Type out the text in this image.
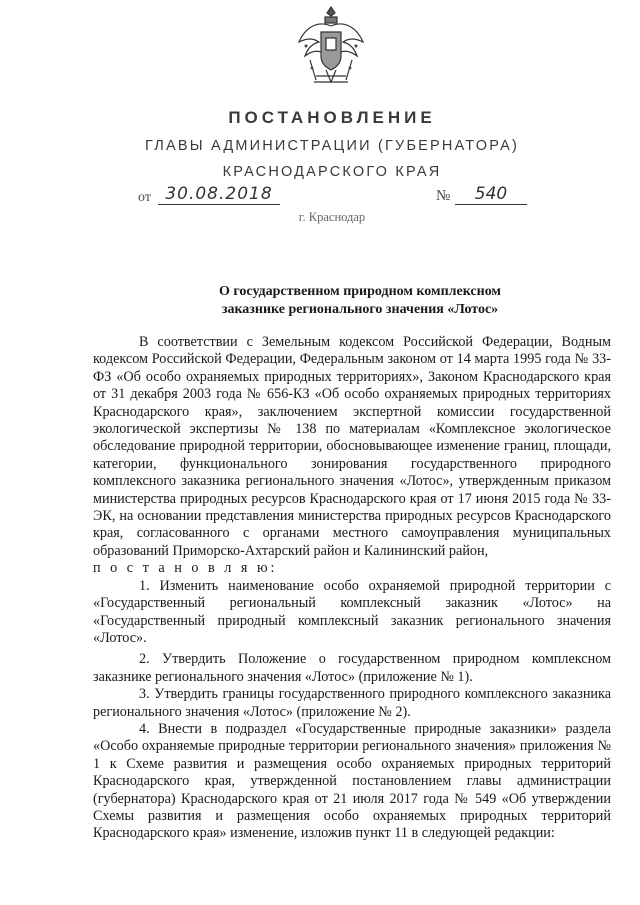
ПОСТАНОВЛЕНИЕ
ГЛАВЫ АДМИНИСТРАЦИИ (ГУБЕРНАТОРА)
КРАСНОДАРСКОГО КРАЯ
от 30.08.2018	№	540
г. Краснодар
О государственном природном комплексном
заказнике регионального значения «Лотос»

В соответствии с Земельным кодексом Российской Федерации, Водным кодексом Российской Федерации, Федеральным законом от 14 марта 1995 года № 33-ФЗ «Об особо охраняемых природных территориях», Законом Краснодарского края от 31 декабря 2003 года № 656-КЗ «Об особо охраняемых природных территориях Краснодарского края», заключением экспертной комиссии государственной экологической экспертизы № 138 по материалам «Комплексное экологическое обследование природной территории, обосновывающее изменение границ, площади, категории, функционального зонирования государственного природного комплексного заказника регионального значения «Лотос», утвержденным приказом министерства природных ресурсов Краснодарского края от 17 июня 2015 года № 33-ЭК, на основании представления министерства природных ресурсов Краснодарского края, согласованного с органами местного самоуправления муниципальных образований Приморско-Ахтарский район и Калининский район,

п о с т а н о в л я ю:

1. Изменить наименование особо охраняемой природной территории с «Государственный региональный комплексный заказник «Лотос» на «Государственный природный комплексный заказник регионального значения «Лотос».

2. Утвердить Положение о государственном природном комплексном заказнике регионального значения «Лотос» (приложение № 1).

3. Утвердить границы государственного природного комплексного заказника регионального значения «Лотос» (приложение № 2).

4. Внести в подраздел «Государственные природные заказники» раздела «Особо охраняемые природные территории регионального значения» приложения № 1 к Схеме развития и размещения особо охраняемых природных территорий Краснодарского края, утвержденной постановлением главы администрации (губернатора) Краснодарского края от 21 июля 2017 года № 549 «Об утверждении Схемы развития и размещения особо охраняемых природных территорий Краснодарского края» изменение, изложив пункт 11 в следующей редакции:
